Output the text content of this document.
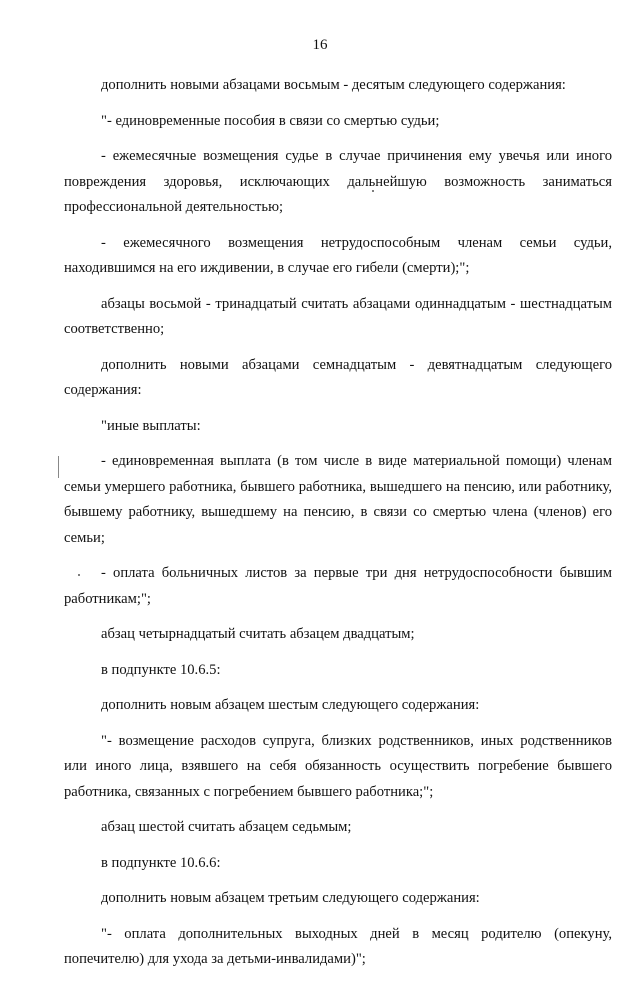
16

дополнить новыми абзацами восьмым - десятым следующего содержания:

"- единовременные пособия в связи со смертью судьи;

- ежемесячные возмещения судье в случае причинения ему увечья или иного повреждения здоровья, исключающих дальнейшую возможность заниматься профессиональной деятельностью;

- ежемесячного возмещения нетрудоспособным членам семьи судьи, находившимся на его иждивении, в случае его гибели (смерти);";

абзацы восьмой - тринадцатый считать абзацами одиннадцатым - шестнадцатым соответственно;

дополнить новыми абзацами семнадцатым - девятнадцатым следующего содержания:

"иные выплаты:

- единовременная выплата (в том числе в виде материальной помощи) членам семьи умершего работника, бывшего работника, вышедшего на пенсию, или работнику, бывшему работнику, вышедшему на пенсию, в связи со смертью члена (членов) его семьи;

- оплата больничных листов за первые три дня нетрудоспособности бывшим работникам;";

абзац четырнадцатый считать абзацем двадцатым;

в подпункте 10.6.5:

дополнить новым абзацем шестым следующего содержания:

"- возмещение расходов супруга, близких родственников, иных родственников или иного лица, взявшего на себя обязанность осуществить погребение бывшего работника, связанных с погребением бывшего работника;";

абзац шестой считать абзацем седьмым;

в подпункте 10.6.6:

дополнить новым абзацем третьим следующего содержания:

"- оплата дополнительных выходных дней в месяц родителю (опекуну, попечителю) для ухода за детьми-инвалидами)";
